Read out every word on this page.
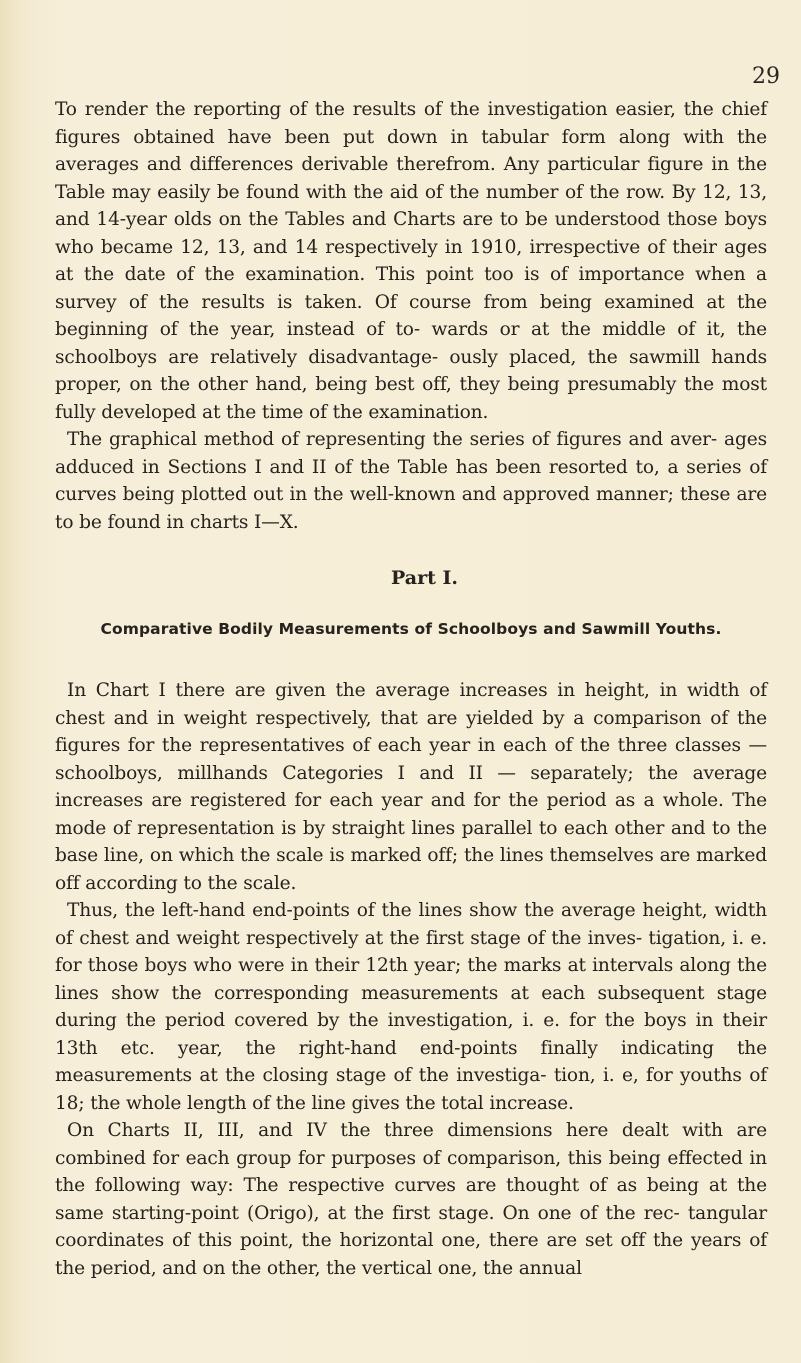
29

To render the reporting of the results of the investigation easier, the chief figures obtained have been put down in tabular form along with the averages and differences derivable therefrom. Any particular figure in the Table may easily be found with the aid of the number of the row. By 12, 13, and 14-year olds on the Tables and Charts are to be understood those boys who became 12, 13, and 14 respectively in 1910, irrespective of their ages at the date of the examination. This point too is of importance when a survey of the results is taken. Of course from being examined at the beginning of the year, instead of to- wards or at the middle of it, the schoolboys are relatively disadvantage- ously placed, the sawmill hands proper, on the other hand, being best off, they being presumably the most fully developed at the time of the examination.

The graphical method of representing the series of figures and aver- ages adduced in Sections I and II of the Table has been resorted to, a series of curves being plotted out in the well-known and approved manner; these are to be found in charts I—X.

Part I.
Comparative Bodily Measurements of Schoolboys and Sawmill Youths.

In Chart I there are given the average increases in height, in width of chest and in weight respectively, that are yielded by a comparison of the figures for the representatives of each year in each of the three classes — schoolboys, millhands Categories I and II — separately; the average increases are registered for each year and for the period as a whole. The mode of representation is by straight lines parallel to each other and to the base line, on which the scale is marked off; the lines themselves are marked off according to the scale.

Thus, the left-hand end-points of the lines show the average height, width of chest and weight respectively at the first stage of the inves- tigation, i. e. for those boys who were in their 12th year; the marks at intervals along the lines show the corresponding measurements at each subsequent stage during the period covered by the investigation, i. e. for the boys in their 13th etc. year, the right-hand end-points finally indicating the measurements at the closing stage of the investiga- tion, i. e, for youths of 18; the whole length of the line gives the total increase.

On Charts II, III, and IV the three dimensions here dealt with are combined for each group for purposes of comparison, this being effected in the following way: The respective curves are thought of as being at the same starting-point (Origo), at the first stage. On one of the rec- tangular coordinates of this point, the horizontal one, there are set off the years of the period, and on the other, the vertical one, the annual
